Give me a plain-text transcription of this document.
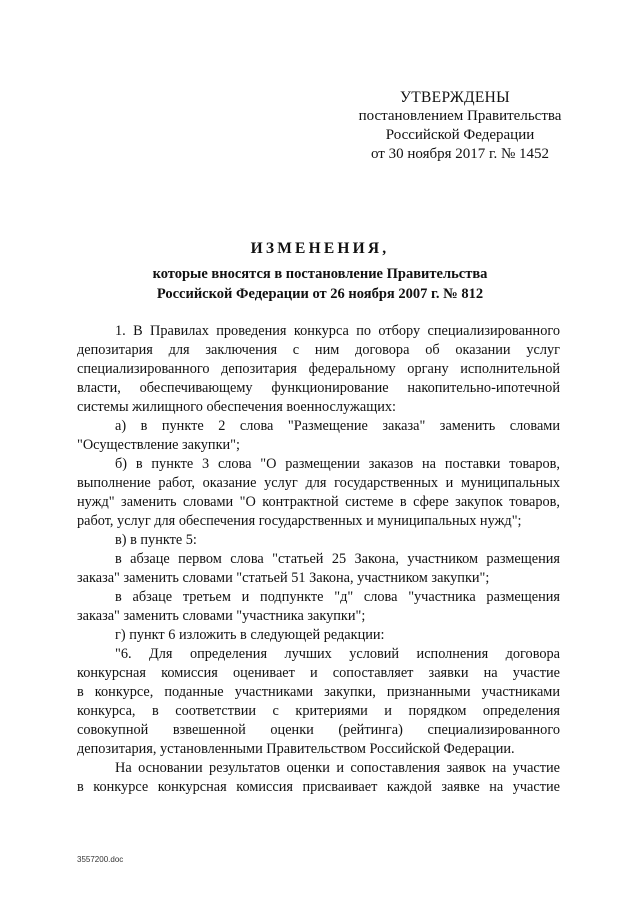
УТВЕРЖДЕНЫ
постановлением Правительства
Российской Федерации
от 30 ноября 2017 г. № 1452
ИЗМЕНЕНИЯ,
которые вносятся в постановление Правительства
Российской Федерации от 26 ноября 2007 г. № 812

1. В Правилах проведения конкурса по отбору специализированного
депозитария для заключения с ним договора об оказании услуг
специализированного депозитария федеральному органу исполнительной
власти, обеспечивающему функционирование накопительно-ипотечной
системы жилищного обеспечения военнослужащих:

а) в пункте 2 слова "Размещение заказа" заменить словами
"Осуществление закупки";

б) в пункте 3 слова "О размещении заказов на поставки товаров,
выполнение работ, оказание услуг для государственных и муниципальных
нужд" заменить словами "О контрактной системе в сфере закупок товаров,
работ, услуг для обеспечения государственных и муниципальных нужд";

в) в пункте 5:

в абзаце первом слова "статьей 25 Закона, участником размещения
заказа" заменить словами "статьей 51 Закона, участником закупки";

в абзаце третьем и подпункте "д" слова "участника размещения
заказа" заменить словами "участника закупки";

г) пункт 6 изложить в следующей редакции:

"6. Для определения лучших условий исполнения договора
конкурсная комиссия оценивает и сопоставляет заявки на участие
в конкурсе, поданные участниками закупки, признанными участниками
конкурса, в соответствии с критериями и порядком определения
совокупной взвешенной оценки (рейтинга) специализированного
депозитария, установленными Правительством Российской Федерации.

На основании результатов оценки и сопоставления заявок на участие
в конкурсе конкурсная комиссия присваивает каждой заявке на участие

3557200.doc
